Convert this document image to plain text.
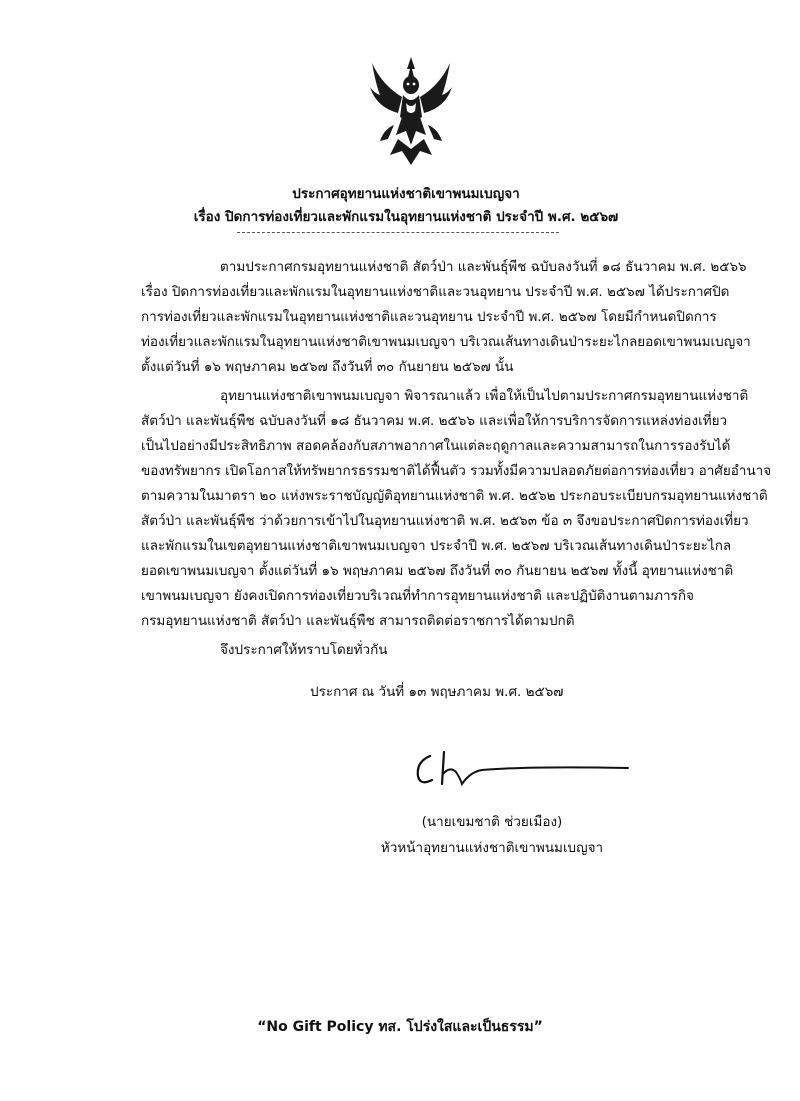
ประกาศอุทยานแห่งชาติเขาพนมเบญจา
เรื่อง ปิดการท่องเที่ยวและพักแรมในอุทยานแห่งชาติ ประจำปี พ.ศ. ๒๕๖๗
ตามประกาศกรมอุทยานแห่งชาติ สัตว์ป่า และพันธุ์พืช ฉบับลงวันที่ ๑๘ ธันวาคม พ.ศ. ๒๕๖๖
เรื่อง ปิดการท่องเที่ยวและพักแรมในอุทยานแห่งชาติและวนอุทยาน ประจำปี พ.ศ. ๒๕๖๗ ได้ประกาศปิด
การท่องเที่ยวและพักแรมในอุทยานแห่งชาติและวนอุทยาน ประจำปี พ.ศ. ๒๕๖๗ โดยมีกำหนดปิดการ
ท่องเที่ยวและพักแรมในอุทยานแห่งชาติเขาพนมเบญจา บริเวณเส้นทางเดินป่าระยะไกลยอดเขาพนมเบญจา
ตั้งแต่วันที่ ๑๖ พฤษภาคม ๒๕๖๗ ถึงวันที่ ๓๐ กันยายน ๒๕๖๗ นั้น
อุทยานแห่งชาติเขาพนมเบญจา พิจารณาแล้ว เพื่อให้เป็นไปตามประกาศกรมอุทยานแห่งชาติ
สัตว์ป่า และพันธุ์พืช ฉบับลงวันที่ ๑๘ ธันวาคม พ.ศ. ๒๕๖๖ และเพื่อให้การบริการจัดการแหล่งท่องเที่ยว
เป็นไปอย่างมีประสิทธิภาพ สอดคล้องกับสภาพอากาศในแต่ละฤดูกาลและความสามารถในการรองรับได้
ของทรัพยากร เปิดโอกาสให้ทรัพยากรธรรมชาติได้ฟื้นตัว รวมทั้งมีความปลอดภัยต่อการท่องเที่ยว อาศัยอำนาจ
ตามความในมาตรา ๒๐ แห่งพระราชบัญญัติอุทยานแห่งชาติ พ.ศ. ๒๕๖๒ ประกอบระเบียบกรมอุทยานแห่งชาติ
สัตว์ป่า และพันธุ์พืช ว่าด้วยการเข้าไปในอุทยานแห่งชาติ พ.ศ. ๒๕๖๓ ข้อ ๓ จึงขอประกาศปิดการท่องเที่ยว
และพักแรมในเขตอุทยานแห่งชาติเขาพนมเบญจา ประจำปี พ.ศ. ๒๕๖๗ บริเวณเส้นทางเดินป่าระยะไกล
ยอดเขาพนมเบญจา ตั้งแต่วันที่ ๑๖ พฤษภาคม ๒๕๖๗ ถึงวันที่ ๓๐ กันยายน ๒๕๖๗ ทั้งนี้ อุทยานแห่งชาติ
เขาพนมเบญจา ยังคงเปิดการท่องเที่ยวบริเวณที่ทำการอุทยานแห่งชาติ และปฏิบัติงานตามภารกิจ
กรมอุทยานแห่งชาติ สัตว์ป่า และพันธุ์พืช สามารถติดต่อราชการได้ตามปกติ
จึงประกาศให้ทราบโดยทั่วกัน
ประกาศ ณ วันที่ ๑๓ พฤษภาคม พ.ศ. ๒๕๖๗
(นายเขมชาติ ช่วยเมือง)
หัวหน้าอุทยานแห่งชาติเขาพนมเบญจา
“No Gift Policy ทส. โปร่งใสและเป็นธรรม”
